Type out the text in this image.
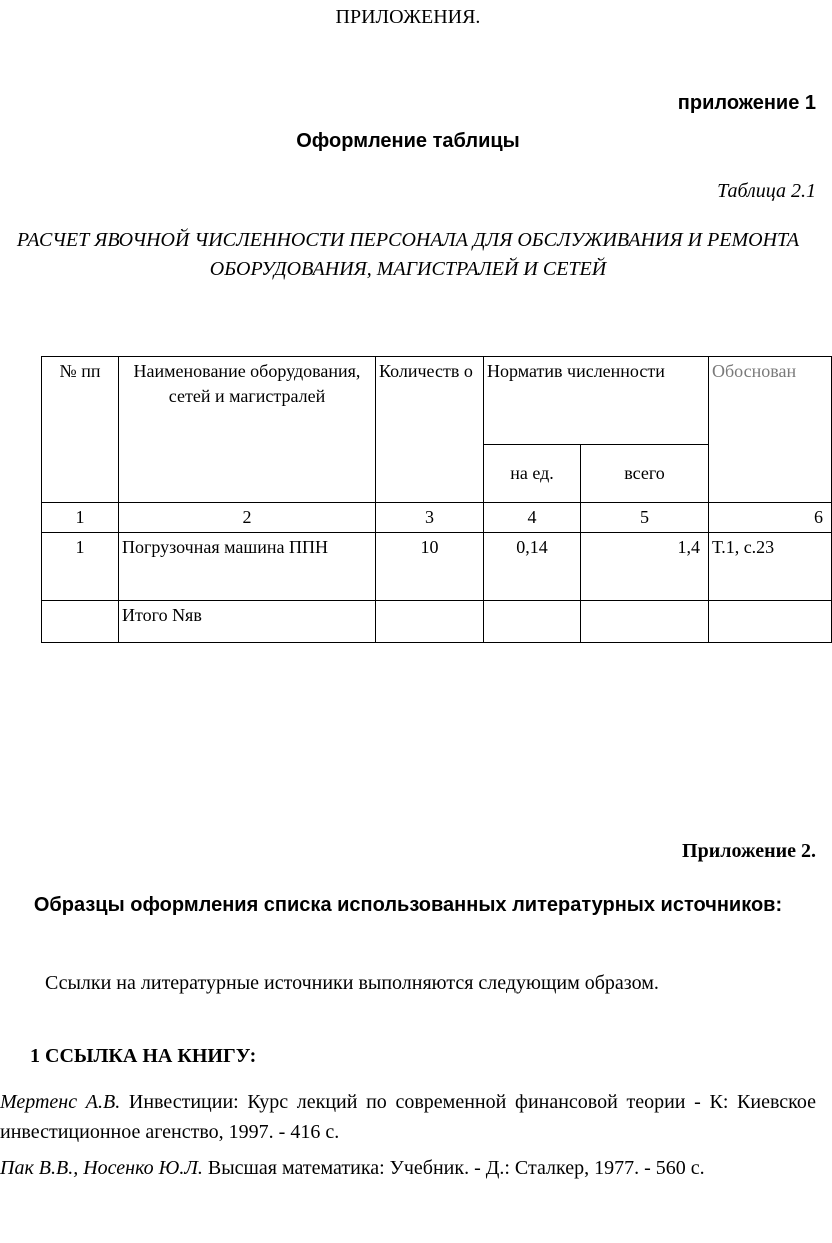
ПРИЛОЖЕНИЯ.
приложение 1
Оформление таблицы
Таблица 2.1
РАСЧЕТ ЯВОЧНОЙ ЧИСЛЕННОСТИ ПЕРСОНАЛА ДЛЯ ОБСЛУЖИВАНИЯ И РЕМОНТА ОБОРУДОВАНИЯ, МАГИСТРАЛЕЙ И СЕТЕЙ
№ пп	Наименование оборудования, сетей и магистралей	Количеств о	Норматив численности		Обоснован
			на ед.	всего	
1	2	3	4	5	6
1	Погрузочная машина ППН	10	0,14	1,4	Т.1, с.23
	Итого Nяв				
Приложение 2.
Образцы оформления списка использованных литературных источников:
Ссылки на литературные источники выполняются следующим образом.
1 ССЫЛКА НА КНИГУ:
Мертенс А.В. Инвестиции: Курс лекций по современной финансовой теории - К: Киевское инвестиционное агенство, 1997. - 416 с.
Пак В.В., Носенко Ю.Л. Высшая математика: Учебник. - Д.: Сталкер, 1977. - 560 с.
